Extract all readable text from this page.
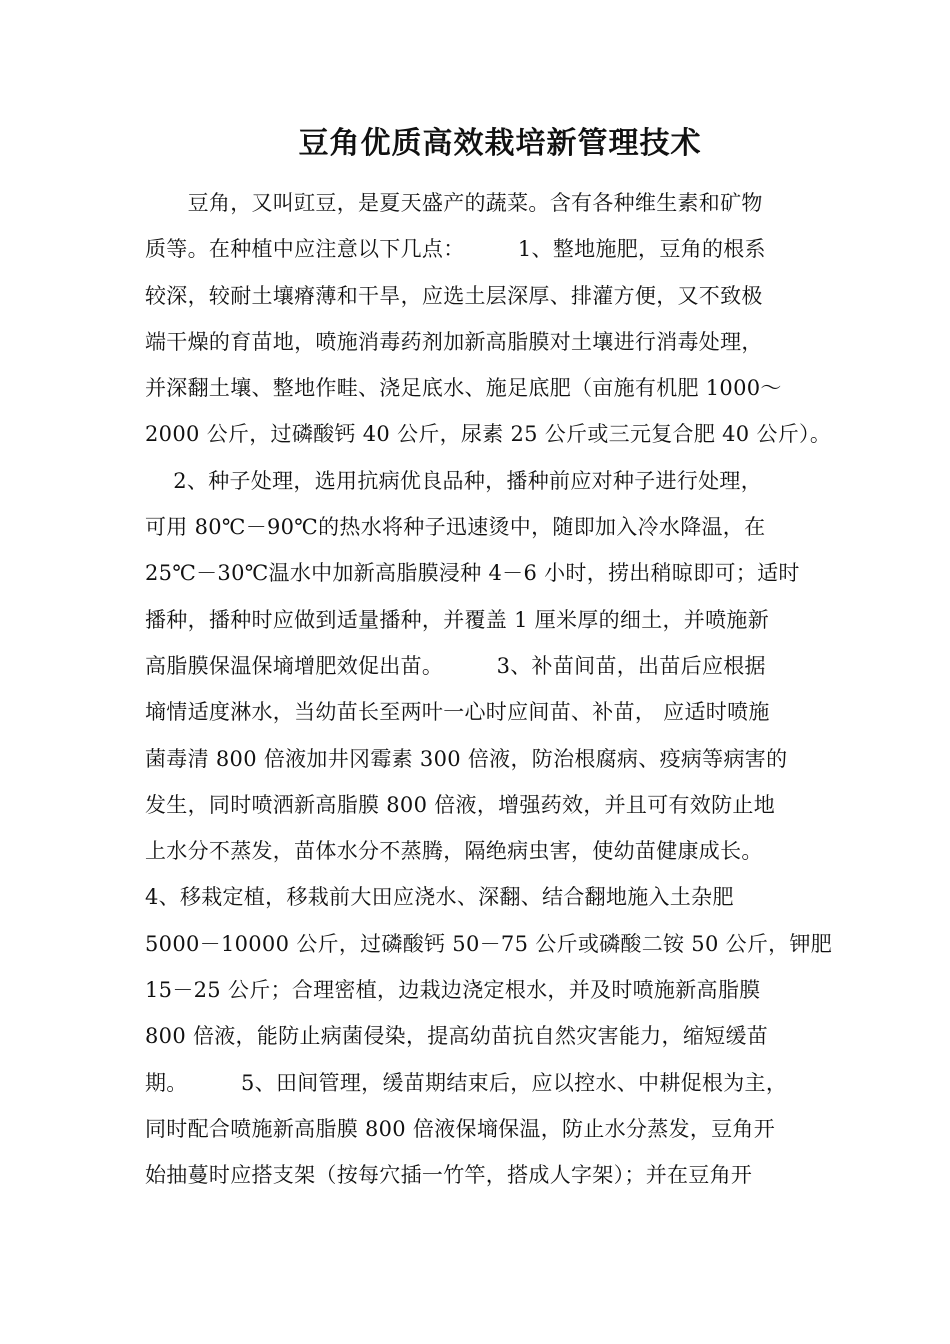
豆角优质高效栽培新管理技术
　　豆角，又叫豇豆，是夏天盛产的蔬菜。含有各种维生素和矿物
质等。在种植中应注意以下几点：　　　1、整地施肥，豆角的根系
较深，较耐土壤瘠薄和干旱，应选土层深厚、排灌方便，又不致极
端干燥的育苗地，喷施消毒药剂加新高脂膜对土壤进行消毒处理，
并深翻土壤、整地作畦、浇足底水、施足底肥（亩施有机肥 1000～
2000 公斤，过磷酸钙 40 公斤，尿素 25 公斤或三元复合肥 40 公斤）。
　 2、种子处理，选用抗病优良品种，播种前应对种子进行处理，
可用 80℃－90℃的热水将种子迅速烫中，随即加入冷水降温，在
25℃－30℃温水中加新高脂膜浸种 4－6 小时，捞出稍晾即可；适时
播种，播种时应做到适量播种，并覆盖 1 厘米厚的细土，并喷施新
高脂膜保温保墒增肥效促出苗。　　　3、补苗间苗，出苗后应根据
墒情适度淋水，当幼苗长至两叶一心时应间苗、补苗， 应适时喷施
菌毒清 800 倍液加井冈霉素 300 倍液，防治根腐病、疫病等病害的
发生，同时喷洒新高脂膜 800 倍液，增强药效，并且可有效防止地
上水分不蒸发，苗体水分不蒸腾，隔绝病虫害，使幼苗健康成长。
4、移栽定植，移栽前大田应浇水、深翻、结合翻地施入土杂肥
5000－10000 公斤，过磷酸钙 50－75 公斤或磷酸二铵 50 公斤，钾肥
15－25 公斤；合理密植，边栽边浇定根水，并及时喷施新高脂膜
800 倍液，能防止病菌侵染，提高幼苗抗自然灾害能力，缩短缓苗
期。　　　5、田间管理，缓苗期结束后，应以控水、中耕促根为主，
同时配合喷施新高脂膜 800 倍液保墒保温，防止水分蒸发，豆角开
始抽蔓时应搭支架（按每穴插一竹竿，搭成人字架）；并在豆角开
